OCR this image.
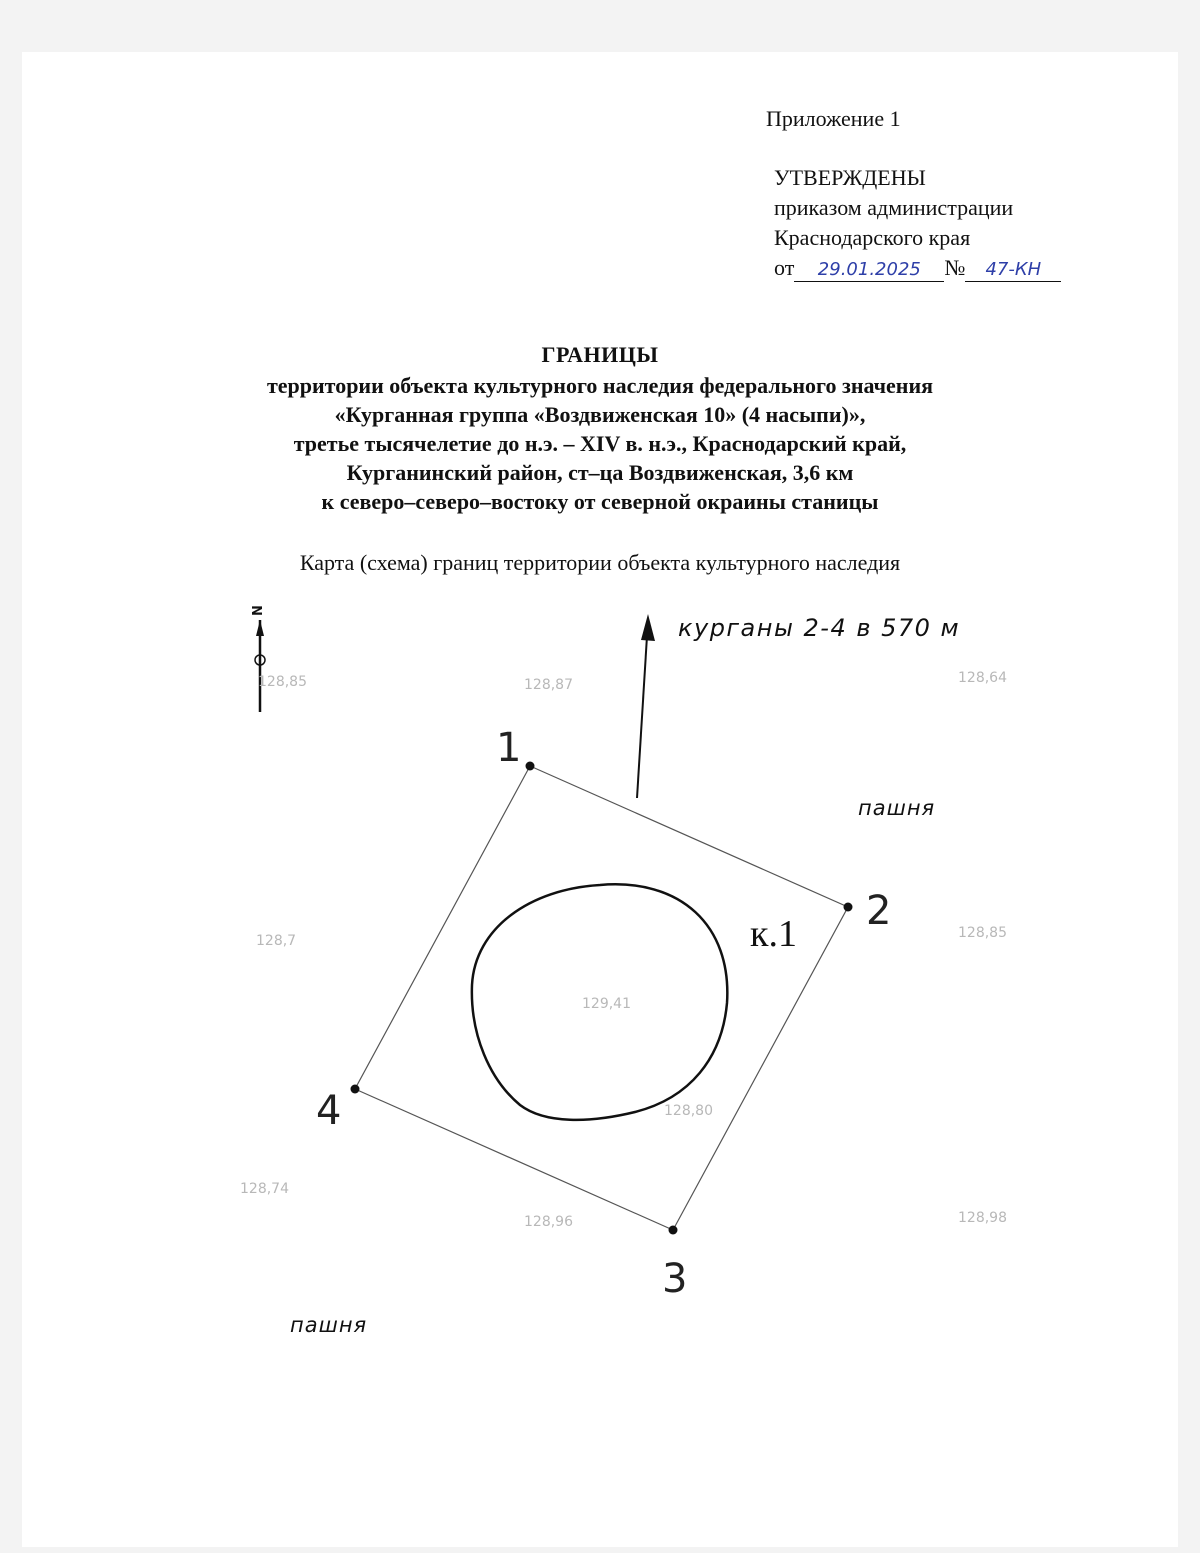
Приложение 1
УТВЕРЖДЕНЫ
приказом администрации
Краснодарского края
от 29.01.2025 № 47-КН
ГРАНИЦЫ
территории объекта культурного наследия федерального значения
«Курганная группа «Воздвиженская 10» (4 насыпи)»,
третье тысячелетие до н.э. – XIV в. н.э., Краснодарский край,
Курганинский район, ст–ца Воздвиженская, 3,6 км
к северо–северо–востоку от северной окраины станицы
Карта (схема) границ территории объекта культурного наследия
N
курганы 2-4 в 570 м
128,85	128,87	128,64
128,85
129,41
128,80
128,98
128,96
128,74
128,7
1
2
3
4
к.1
пашня
пашня
